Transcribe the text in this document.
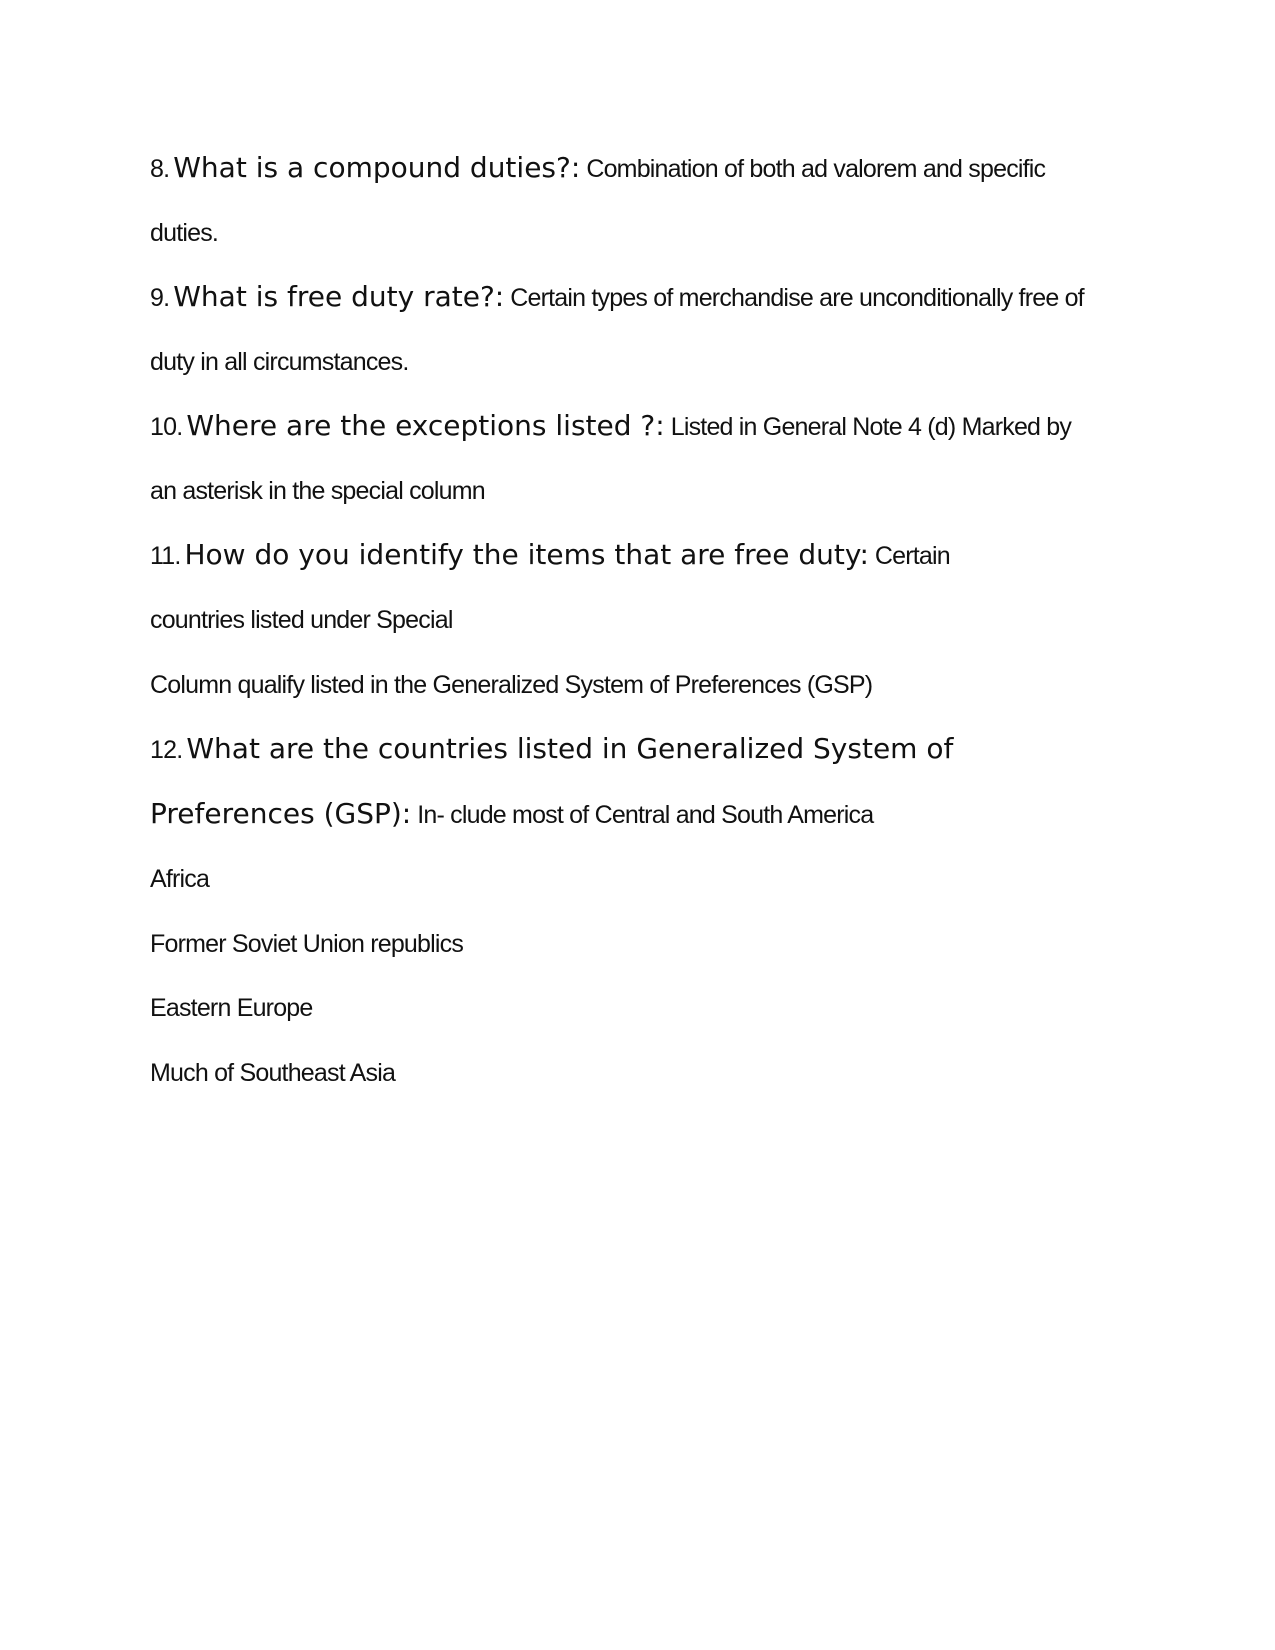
8. What is a compound duties?: Combination of both ad valorem and specific
duties.
9. What is free duty rate?: Certain types of merchandise are unconditionally free of
duty in all circumstances.
10. Where are the exceptions listed ?: Listed in General Note 4 (d) Marked by
an asterisk in the special column
11. How do you identify the items that are free duty: Certain
countries listed under Special
Column qualify listed in the Generalized System of Preferences (GSP)
12. What are the countries listed in Generalized System of
Preferences (GSP): In- clude most of Central and South America
Africa
Former Soviet Union republics
Eastern Europe
Much of Southeast Asia
